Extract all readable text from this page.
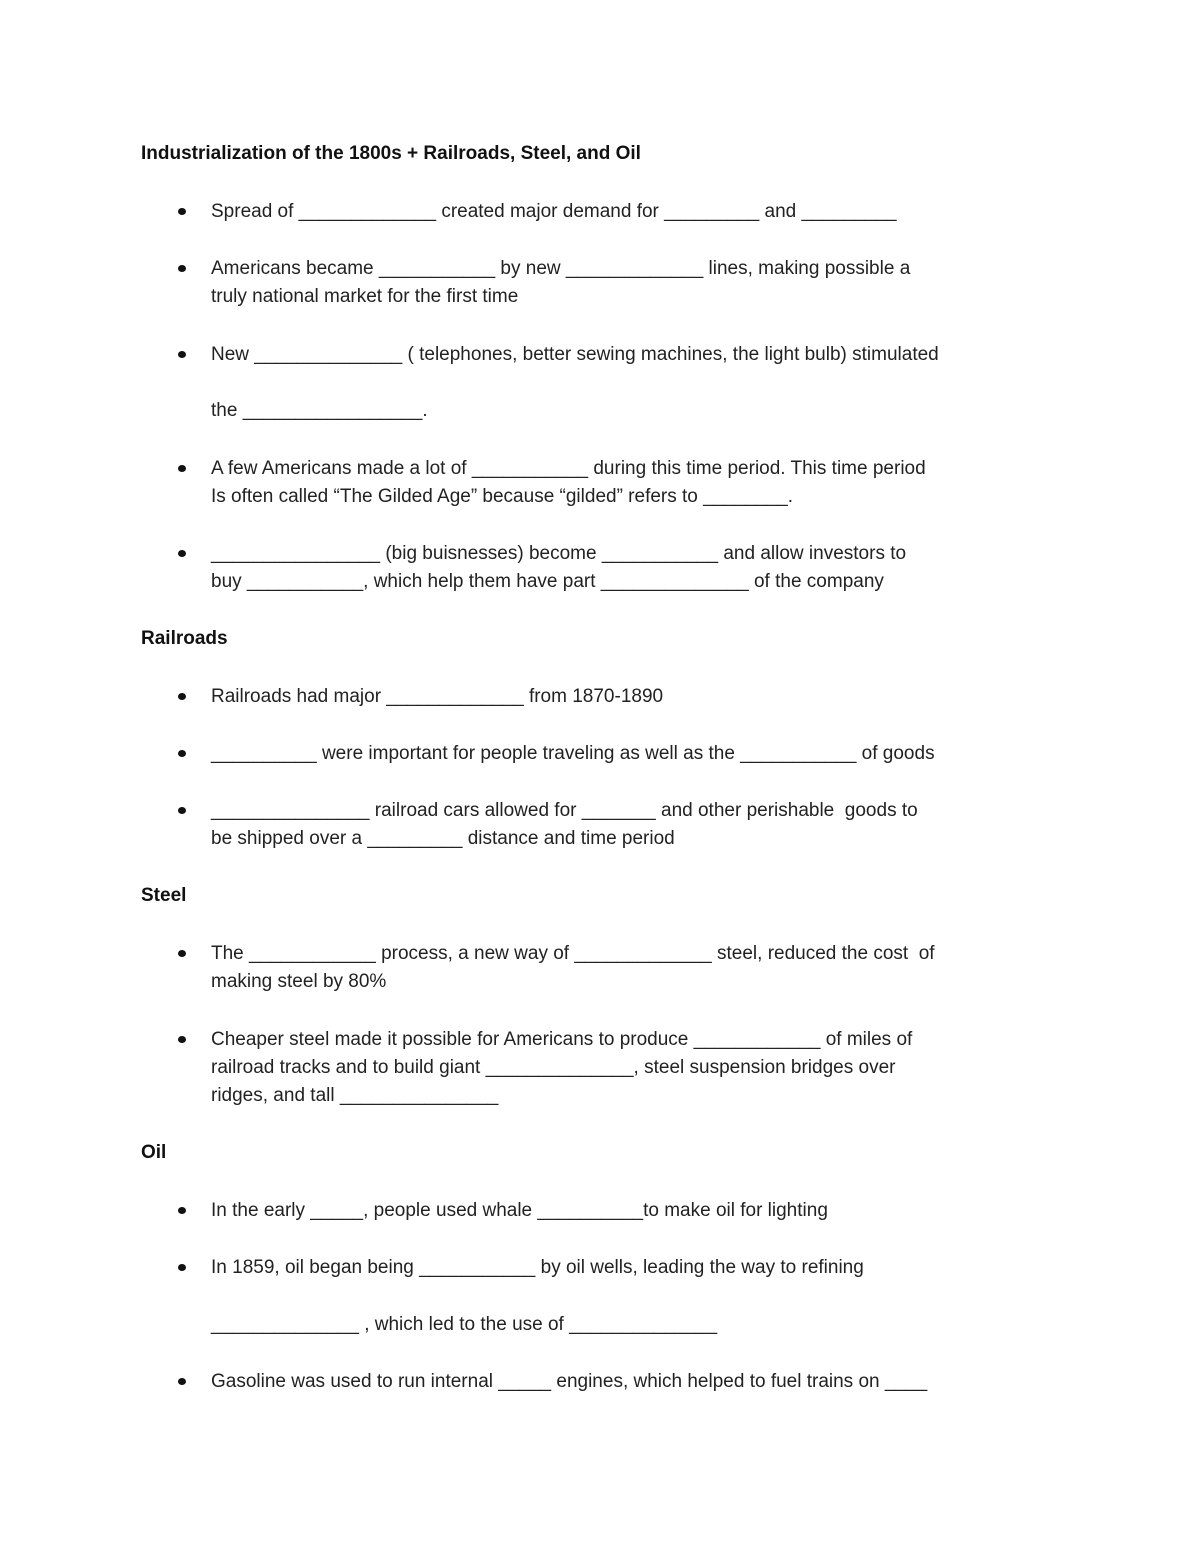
Industrialization of the 1800s + Railroads, Steel, and Oil
Spread of _____________ created major demand for _________ and _________
Americans became ___________ by new _____________ lines, making possible a
truly national market for the first time
New ______________ ( telephones, better sewing machines, the light bulb) stimulated
the _________________.
A few Americans made a lot of ___________ during this time period. This time period
Is often called “The Gilded Age” because “gilded” refers to ________.
________________ (big buisnesses) become ___________ and allow investors to
buy ___________, which help them have part ______________ of the company
Railroads
Railroads had major _____________ from 1870-1890
__________ were important for people traveling as well as the ___________ of goods
_______________ railroad cars allowed for _______ and other perishable  goods to
be shipped over a _________ distance and time period
Steel
The ____________ process, a new way of _____________ steel, reduced the cost  of
making steel by 80%
Cheaper steel made it possible for Americans to produce ____________ of miles of
railroad tracks and to build giant ______________, steel suspension bridges over
ridges, and tall _______________
Oil
In the early _____, people used whale __________to make oil for lighting
In 1859, oil began being ___________ by oil wells, leading the way to refining
______________ , which led to the use of ______________
Gasoline was used to run internal _____ engines, which helped to fuel trains on ____
